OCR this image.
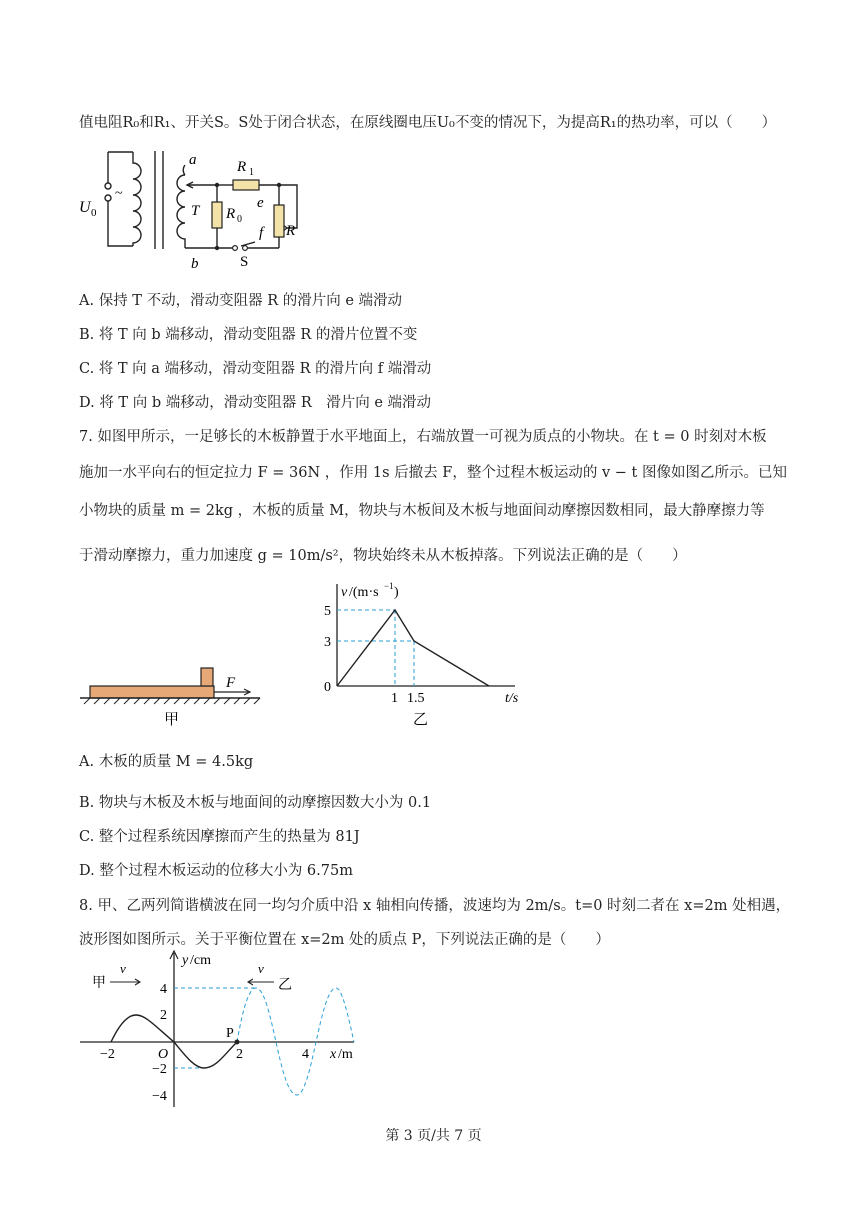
值电阻R₀和R₁、开关S。S处于闭合状态，在原线圈电压U₀不变的情况下，为提高R₁的热功率，可以（　　）
U 0
~
a
b
T
R 1
R 0
e
f R
S
A. 保持 T 不动，滑动变阻器 R 的滑片向 e 端滑动
B. 将 T 向 b 端移动，滑动变阻器 R 的滑片位置不变
C. 将 T 向 a 端移动，滑动变阻器 R 的滑片向 f 端滑动
D. 将 T 向 b 端移动，滑动变阻器 R　滑片向 e 端滑动
7. 如图甲所示，一足够长的木板静置于水平地面上，右端放置一可视为质点的小物块。在 t = 0 时刻对木板
施加一水平向右的恒定拉力 F = 36N ，作用 1s 后撤去 F，整个过程木板运动的 v − t 图像如图乙所示。已知
小物块的质量 m = 2kg ，木板的质量 M，物块与木板间及木板与地面间动摩擦因数相同，最大静摩擦力等
于滑动摩擦力，重力加速度 g = 10m/s²，物块始终未从木板掉落。下列说法正确的是（　　）
F
甲
v /(m·s −1 )
5
3
0
1 1.5	t/s
乙
A. 木板的质量 M = 4.5kg
B. 物块与木板及木板与地面间的动摩擦因数大小为 0.1
C. 整个过程系统因摩擦而产生的热量为 81J
D. 整个过程木板运动的位移大小为 6.75m
8. 甲、乙两列简谐横波在同一均匀介质中沿 x 轴相向传播，波速均为 2m/s。t=0 时刻二者在 x=2m 处相遇，
波形图如图所示。关于平衡位置在 x=2m 处的质点 P，下列说法正确的是（　　）
甲
v	v
乙
y /cm
4
2
−2
−4
−2	2	4
O
P
x /m
第 3 页/共 7 页
